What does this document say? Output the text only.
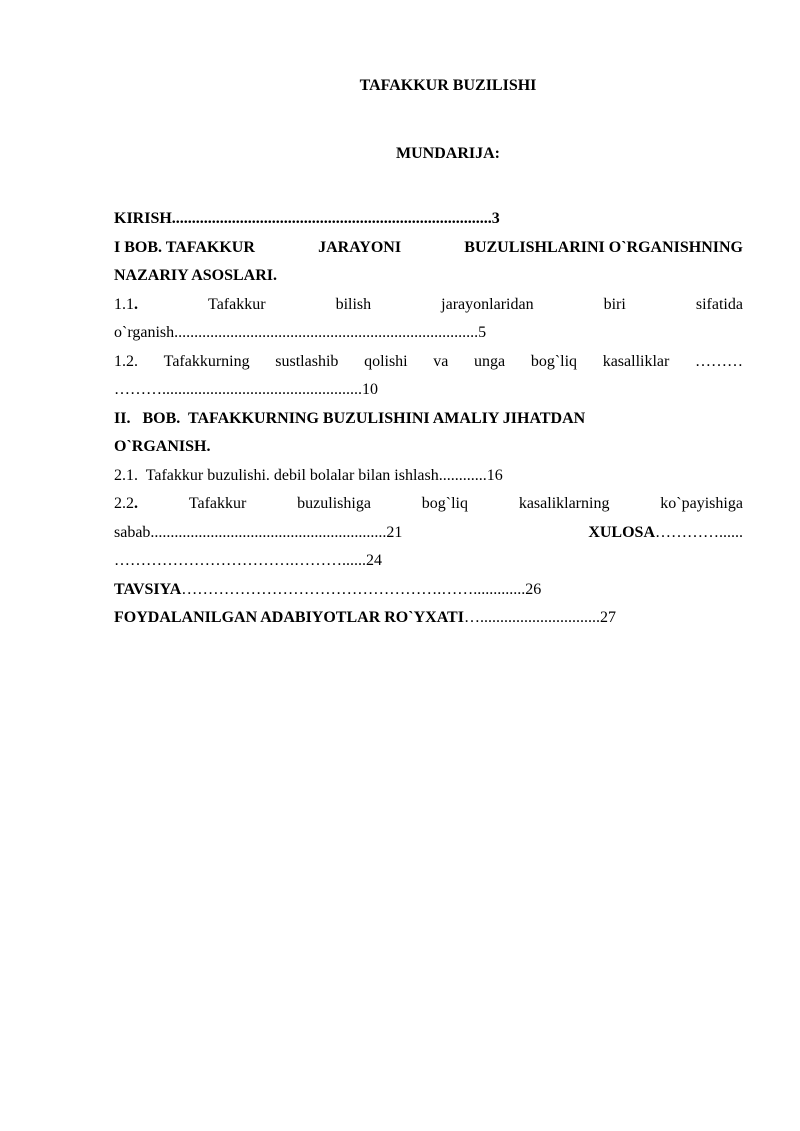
TAFAKKUR BUZILISHI
MUNDARIJA:
KIRISH................................................................................3
I BOB. TAFAKKUR	JARAYONI	BUZULISHLARINI O`RGANISHNING
NAZARIY ASOSLARI.
1.1.	Tafakkur	bilish	jarayonlaridan	biri	sifatida
o`rganish............................................................................5
1.2. Tafakkurning sustlashib qolishi va unga bog`liq kasalliklar ………
………..................................................10
II.   BOB.  TAFAKKURNING BUZULISHINI AMALIY JIHATDAN
O`RGANISH.
2.1.  Tafakkur buzulishi. debil bolalar bilan ishlash............16
2.2.	Tafakkur	buzulishiga	bog`liq	kasaliklarning	ko`payishiga
sabab...........................................................21	XULOSA…………......
…………………………….………......24
TAVSIYA………………………………………….…….............26
FOYDALANILGAN ADABIYOTLAR RO`YXATI…..............................27
